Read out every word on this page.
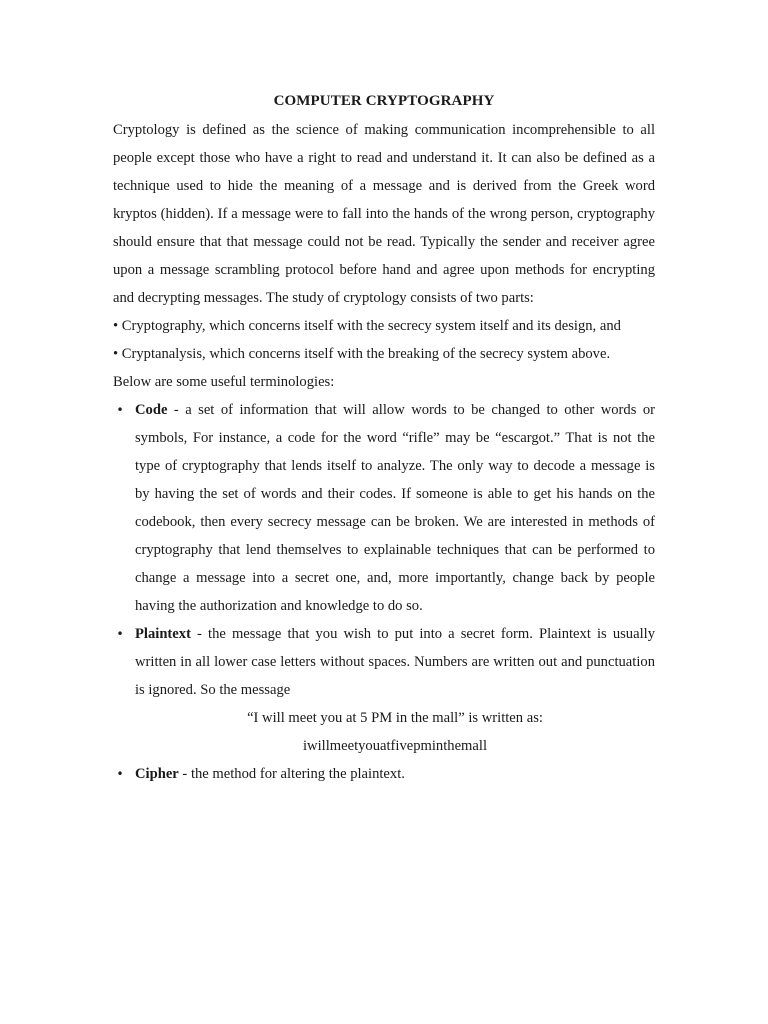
COMPUTER CRYPTOGRAPHY

Cryptology is defined as the science of making communication incomprehensible to all people except those who have a right to read and understand it. It can also be defined as a technique used to hide the meaning of a message and is derived from the Greek word kryptos (hidden). If a message were to fall into the hands of the wrong person, cryptography should ensure that that message could not be read. Typically the sender and receiver agree upon a message scrambling protocol before hand and agree upon methods for encrypting and decrypting messages. The study of cryptology consists of two parts:

• Cryptography, which concerns itself with the secrecy system itself and its design, and

• Cryptanalysis, which concerns itself with the breaking of the secrecy system above.

Below are some useful terminologies:

• Code - a set of information that will allow words to be changed to other words or symbols, For instance, a code for the word “rifle” may be “escargot.” That is not the type of cryptography that lends itself to analyze. The only way to decode a message is by having the set of words and their codes. If someone is able to get his hands on the codebook, then every secrecy message can be broken. We are interested in methods of cryptography that lend themselves to explainable techniques that can be performed to change a message into a secret one, and, more importantly, change back by people having the authorization and knowledge to do so.

• Plaintext - the message that you wish to put into a secret form. Plaintext is usually written in all lower case letters without spaces. Numbers are written out and punctuation is ignored. So the message

“I will meet you at 5 PM in the mall” is written as:

iwillmeetyouatfivepminthemall

• Cipher - the method for altering the plaintext.
